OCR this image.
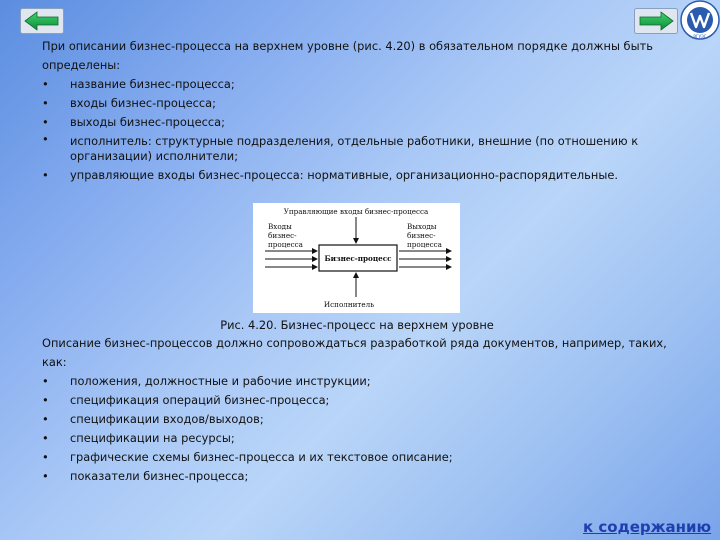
ВГУЭС

При описании бизнес-процесса на верхнем уровне (рис. 4.20) в обязательном порядке должны быть определены:

• название бизнес-процесса;
• входы бизнес-процесса;
• выходы бизнес-процесса;
• исполнитель: структурные подразделения, отдельные работники, внешние (по отношению к организации) исполнители;
• управляющие входы бизнес-процесса: нормативные, организационно-распорядительные.
Управляющие входы бизнес-процесса
Бизнес-процесс
Входы
бизнес-
процесса
Выходы
бизнес-
процесса
Исполнитель
Рис. 4.20. Бизнес-процесс на верхнем уровне

Описание бизнес-процессов должно сопровождаться разработкой ряда документов, например, таких, как:

• положения, должностные и рабочие инструкции;
• спецификация операций бизнес-процесса;
• спецификации входов/выходов;
• спецификации на ресурсы;
• графические схемы бизнес-процесса и их текстовое описание;
• показатели бизнес-процесса;
к содержанию
